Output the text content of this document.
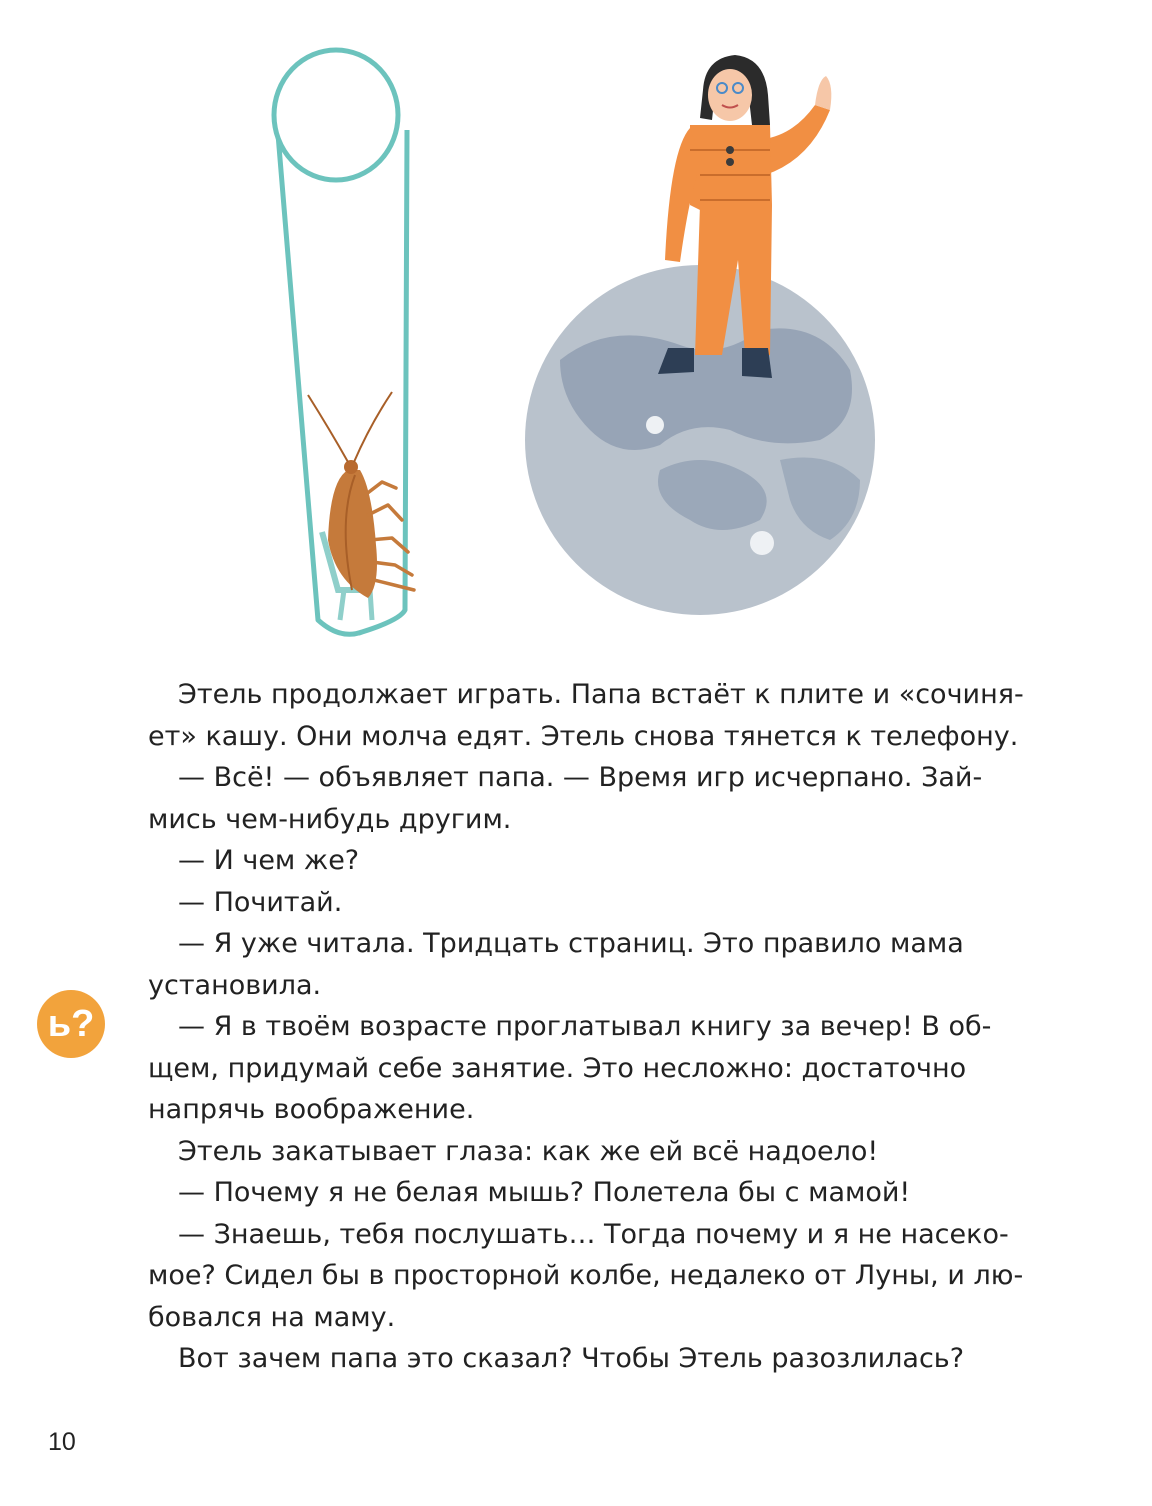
Этель продолжает играть. Папа встаёт к плите и «сочиня-
ет» кашу. Они молча едят. Этель снова тянется к телефону.
— Всё! — объявляет папа. — Время игр исчерпано. Зай-
мись чем-нибудь другим.
— И чем же?
— Почитай.
— Я уже читала. Тридцать страниц. Это правило мама
установила.
— Я в твоём возрасте проглатывал книгу за вечер! В об-
щем, придумай себе занятие. Это несложно: достаточно
напрячь воображение.
Этель закатывает глаза: как же ей всё надоело!
— Почему я не белая мышь? Полетела бы с мамой!
— Знаешь, тебя послушать… Тогда почему и я не насеко-
мое? Сидел бы в просторной колбе, недалеко от Луны, и лю-
бовался на маму.
Вот зачем папа это сказал? Чтобы Этель разозлилась?
ь?
10
